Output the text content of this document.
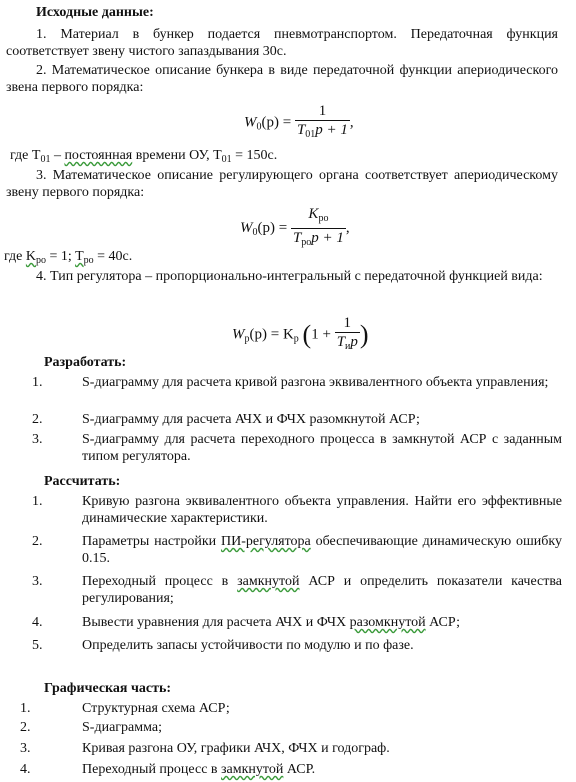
Исходные данные:

1. Материал в бункер подается пневмотранспортом. Передаточная функция соответствует звену чистого запаздывания 30с.

2. Математическое описание бункера в виде передаточной функции апериодического звена первого порядка:

$W_0(p) = \frac{1}{T_{01}p + 1}$ ,

где $T_{01}$ – постоянная времени ОУ, $T_{01} = 150с$.

3. Математическое описание регулирующего органа соответствует апериодическому звену первого порядка:

$W_0(p) = \frac{K_{рo}}{T_{рo}p + 1}$ ,

где $K_{рo} = 1$; $T_{рo} = 40с$.

4. Тип регулятора – пропорционально-интегральный с передаточной функцией вида:

$W_p(p) = K_p$ ($1 + \frac{1}{T_иp}$ )

Разработать:

1.	S-диаграмму для расчета кривой разгона эквивалентного объекта управления;
2.	S-диаграмму для расчета АЧХ и ФЧХ разомкнутой АСР;
3.	S-диаграмму для расчета переходного процесса в замкнутой АСР с заданным типом регулятора.

Рассчитать:

1.	Кривую разгона эквивалентного объекта управления. Найти его эффективные динамические характеристики.
2.	Параметры настройки ПИ-регулятора обеспечивающие динамическую ошибку 0.15.
3.	Переходный процесс в замкнутой АСР и определить показатели качества регулирования;
4.	Вывести уравнения для расчета АЧХ и ФЧХ разомкнутой АСР;
5.	Определить запасы устойчивости по модулю и по фазе.

Графическая часть:

1.	Структурная схема АСР;
2.	S-диаграмма;
3.	Кривая разгона ОУ, графики АЧХ, ФЧХ и годограф.
4.	Переходный процесс в замкнутой АСР.
